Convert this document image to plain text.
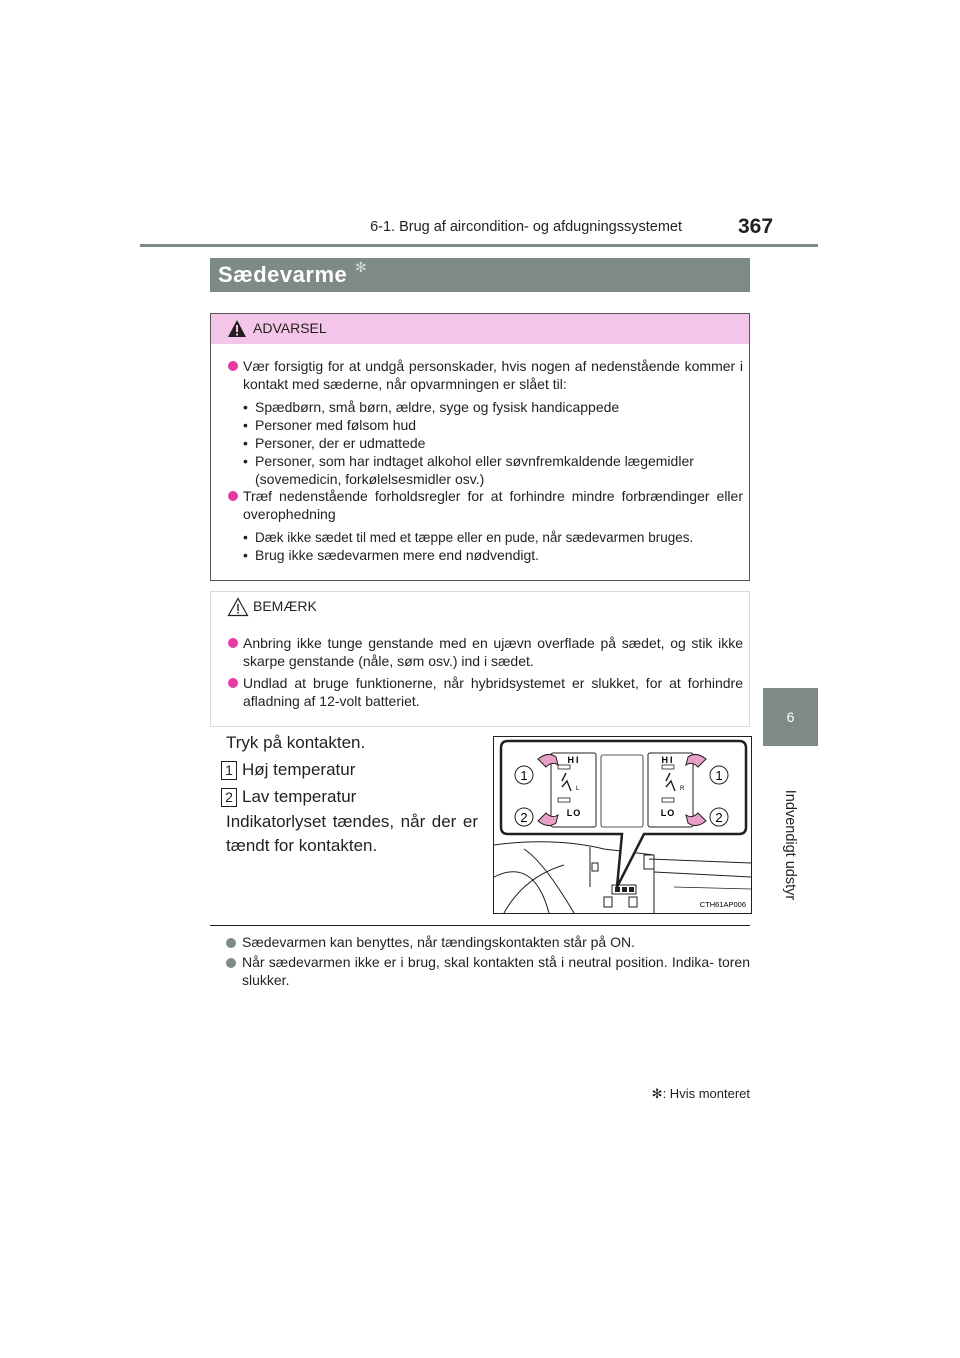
6-1. Brug af aircondition- og afdugningssystemet	367
6
Indvendigt udstyr
Sædevarme ✻
ADVARSEL
Vær forsigtig for at undgå personskader, hvis nogen af nedenstående kommer i kontakt med sæderne, når opvarmningen er slået til:
• Spædbørn, små børn, ældre, syge og fysisk handicappede
• Personer med følsom hud
• Personer, der er udmattede
• Personer, som har indtaget alkohol eller søvnfremkaldende lægemidler
(sovemedicin, forkølelsesmidler osv.)
Træf nedenstående forholdsregler for at forhindre mindre forbrændinger eller overophedning
• Dæk ikke sædet til med et tæppe eller en pude, når sædevarmen bruges.
• Brug ikke sædevarmen mere end nødvendigt.
BEMÆRK
Anbring ikke tunge genstande med en ujævn overflade på sædet, og stik ikke skarpe genstande (nåle, søm osv.) ind i sædet.
Undlad at bruge funktionerne, når hybridsystemet er slukket, for at forhindre afladning af 12-volt batteriet.
Tryk på kontakten.
1 Høj temperatur
2 Lav temperatur
Indikatorlyset tændes, når der er
tændt for kontakten.
HI
LO
L
HI
LO
R
1
2
1
2
CTH61AP006
Sædevarmen kan benyttes, når tændingskontakten står på ON.
Når sædevarmen ikke er i brug, skal kontakten stå i neutral position. Indika- toren slukker.
✻: Hvis monteret
